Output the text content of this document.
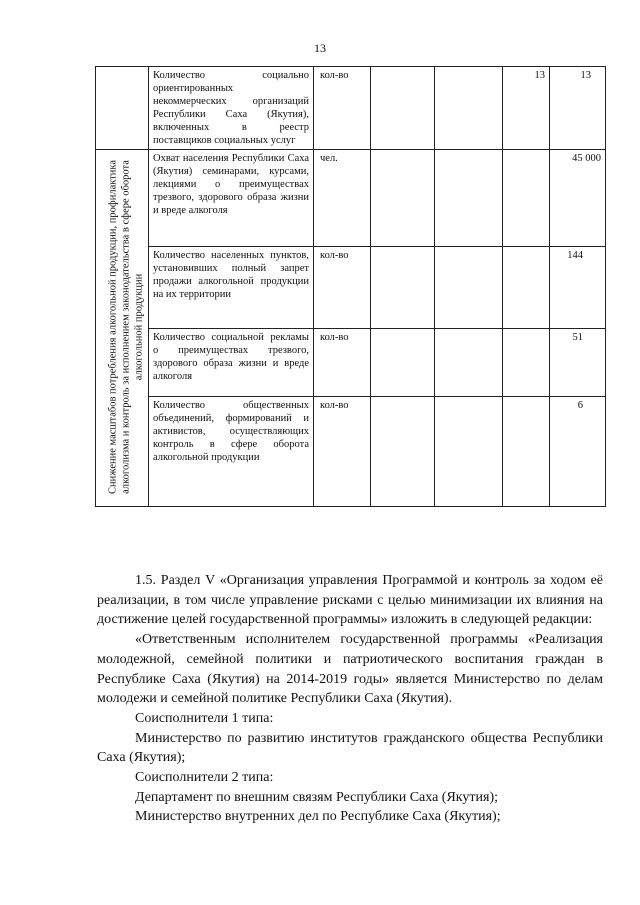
13
	Количество социально ориентированных некоммерческих организаций Республики Саха (Якутия), включенных в реестр поставщиков социальных услуг	кол-во			13	13

Снижение масштабов потребления алкогольной продукции, профилактика алкоголизма и контроль за исполнением законодательства в сфере оборота алкогольной продукции	Охват населения Республики Саха (Якутия) семинарами, курсами, лекциями о преимуществах трезвого, здорового образа жизни и вреде алкоголя	чел.				45 000
	Количество населенных пунктов, установивших полный запрет продажи алкогольной продукции на их территории	кол-во				144
	Количество социальной рекламы о преимуществах трезвого, здорового образа жизни и вреде алкоголя	кол-во				51
	Количество общественных объединений, формирований и активистов, осуществляющих контроль в сфере оборота алкогольной продукции	кол-во				6

1.5. Раздел V «Организация управления Программой и контроль за ходом её реализации, в том числе управление рисками с целью минимизации их влияния на достижение целей государственной программы» изложить в следующей редакции:

«Ответственным исполнителем государственной программы «Реализация молодежной, семейной политики и патриотического воспитания граждан в Республике Саха (Якутия) на 2014-2019 годы» является Министерство по делам молодежи и семейной политике Республики Саха (Якутия).

Соисполнители 1 типа:

Министерство по развитию институтов гражданского общества Республики Саха (Якутия);

Соисполнители 2 типа:

Департамент по внешним связям Республики Саха (Якутия);

Министерство внутренних дел по Республике Саха (Якутия);
